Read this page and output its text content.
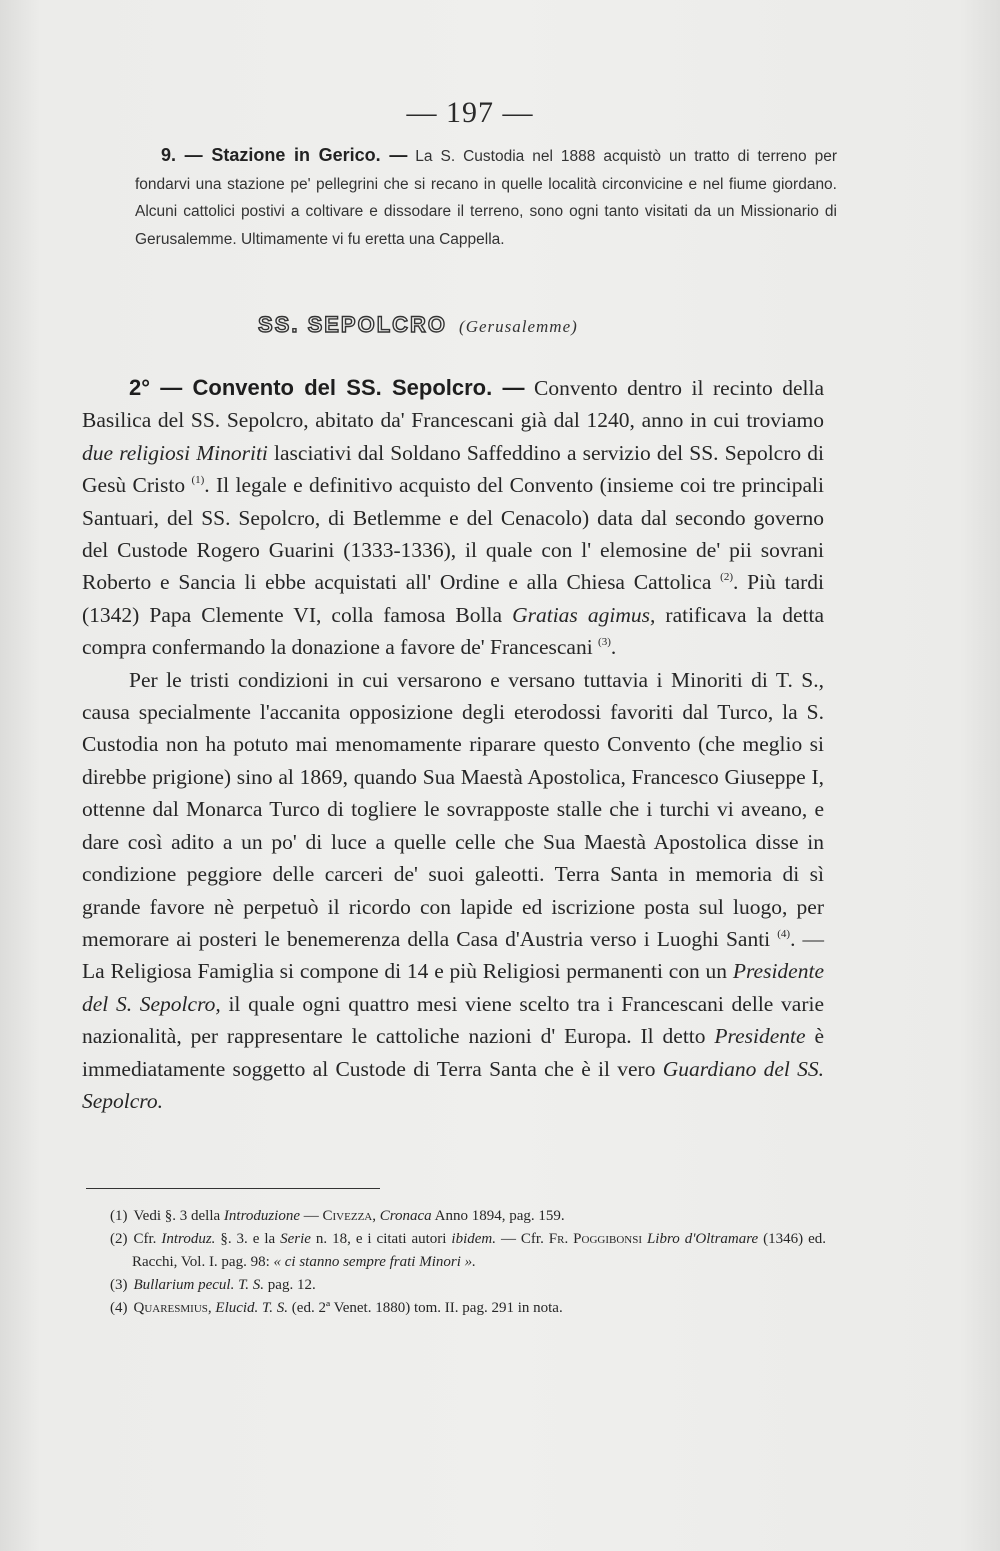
— 197 —

9. — Stazione in Gerico. — La S. Custodia nel 1888 acquistò un tratto di terreno per fondarvi una stazione pe' pellegrini che si recano in quelle località circonvicine e nel fiume giordano. Alcuni cattolici postivi a coltivare e dissodare il terreno, sono ogni tanto visitati da un Missionario di Gerusalemme. Ultimamente vi fu eretta una Cappella.

SS. SEPOLCRO (Gerusalemme)

2° — Convento del SS. Sepolcro. — Convento dentro il recinto della Basilica del SS. Sepolcro, abitato da' Francescani già dal 1240, anno in cui troviamo due religiosi Minoriti lasciativi dal Soldano Saffeddino a servizio del SS. Sepolcro di Gesù Cristo $^{(1)}$. Il legale e definitivo acquisto del Convento (insieme coi tre principali Santuari, del SS. Sepolcro, di Betlemme e del Cenacolo) data dal secondo governo del Custode Rogero Guarini (1333-1336), il quale con l' elemosine de' pii sovrani Roberto e Sancia li ebbe acquistati all' Ordine e alla Chiesa Cattolica $^{(2)}$. Più tardi (1342) Papa Clemente VI, colla famosa Bolla Gratias agimus, ratificava la detta compra confermando la donazione a favore de' Francescani $^{(3)}$.

Per le tristi condizioni in cui versarono e versano tuttavia i Minoriti di T. S., causa specialmente l'accanita opposizione degli eterodossi favoriti dal Turco, la S. Custodia non ha potuto mai menomamente riparare questo Convento (che meglio si direbbe prigione) sino al 1869, quando Sua Maestà Apostolica, Francesco Giuseppe I, ottenne dal Monarca Turco di togliere le sovrapposte stalle che i turchi vi aveano, e dare così adito a un po' di luce a quelle celle che Sua Maestà Apostolica disse in condizione peggiore delle carceri de' suoi galeotti. Terra Santa in memoria di sì grande favore nè perpetuò il ricordo con lapide ed iscrizione posta sul luogo, per memorare ai posteri le benemerenza della Casa d'Austria verso i Luoghi Santi $^{(4)}$. — La Religiosa Famiglia si compone di 14 e più Religiosi permanenti con un Presidente del S. Sepolcro, il quale ogni quattro mesi viene scelto tra i Francescani delle varie nazionalità, per rappresentare le cattoliche nazioni d' Europa. Il detto Presidente è immediatamente soggetto al Custode di Terra Santa che è il vero Guardiano del SS. Sepolcro.

(1) Vedi §. 3 della Introduzione — Civezza, Cronaca Anno 1894, pag. 159.

(2) Cfr. Introduz. §. 3. e la Serie n. 18, e i citati autori ibidem. — Cfr. Fr. Poggibonsi Libro d'Oltramare (1346) ed. Racchi, Vol. I. pag. 98: « ci stanno sempre frati Minori ».

(3) Bullarium pecul. T. S. pag. 12.

(4) Quaresmius, Elucid. T. S. (ed. 2ª Venet. 1880) tom. II. pag. 291 in nota.
